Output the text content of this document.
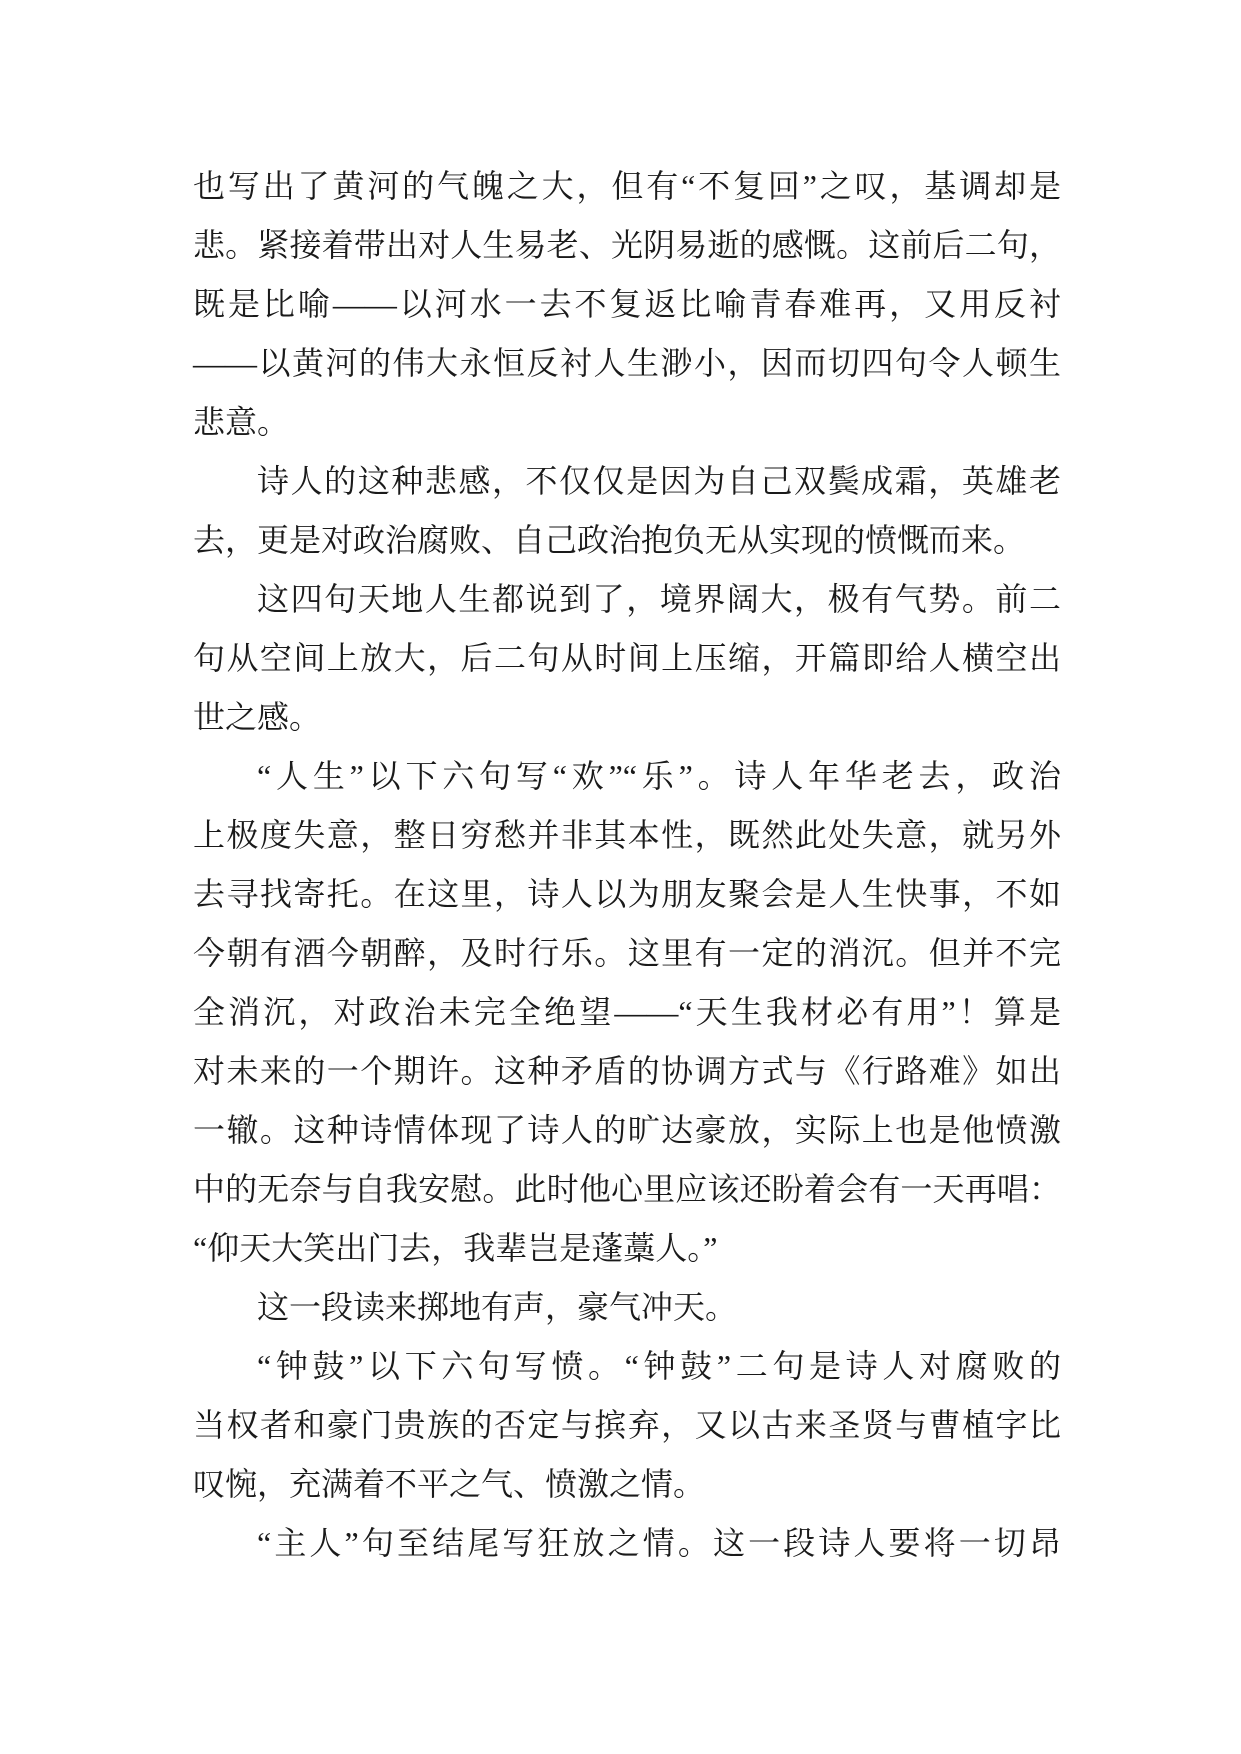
也写出了黄河的气魄之大，但有“不复回”之叹，基调却是
悲。紧接着带出对人生易老、光阴易逝的感慨。这前后二句，
既是比喻——以河水一去不复返比喻青春难再，又用反衬
——以黄河的伟大永恒反衬人生渺小，因而切四句令人顿生
悲意。
诗人的这种悲感，不仅仅是因为自己双鬓成霜，英雄老
去，更是对政治腐败、自己政治抱负无从实现的愤慨而来。
这四句天地人生都说到了，境界阔大，极有气势。前二
句从空间上放大，后二句从时间上压缩，开篇即给人横空出
世之感。
“人生”以下六句写“欢”“乐”。诗人年华老去，政治
上极度失意，整日穷愁并非其本性，既然此处失意，就另外
去寻找寄托。在这里，诗人以为朋友聚会是人生快事，不如
今朝有酒今朝醉，及时行乐。这里有一定的消沉。但并不完
全消沉，对政治未完全绝望——“天生我材必有用”！算是
对未来的一个期许。这种矛盾的协调方式与《行路难》如出
一辙。这种诗情体现了诗人的旷达豪放，实际上也是他愤激
中的无奈与自我安慰。此时他心里应该还盼着会有一天再唱：
“仰天大笑出门去，我辈岂是蓬藁人。”
这一段读来掷地有声，豪气冲天。
“钟鼓”以下六句写愤。“钟鼓”二句是诗人对腐败的
当权者和豪门贵族的否定与摈弃，又以古来圣贤与曹植字比
叹惋，充满着不平之气、愤激之情。
“主人”句至结尾写狂放之情。这一段诗人要将一切昂
